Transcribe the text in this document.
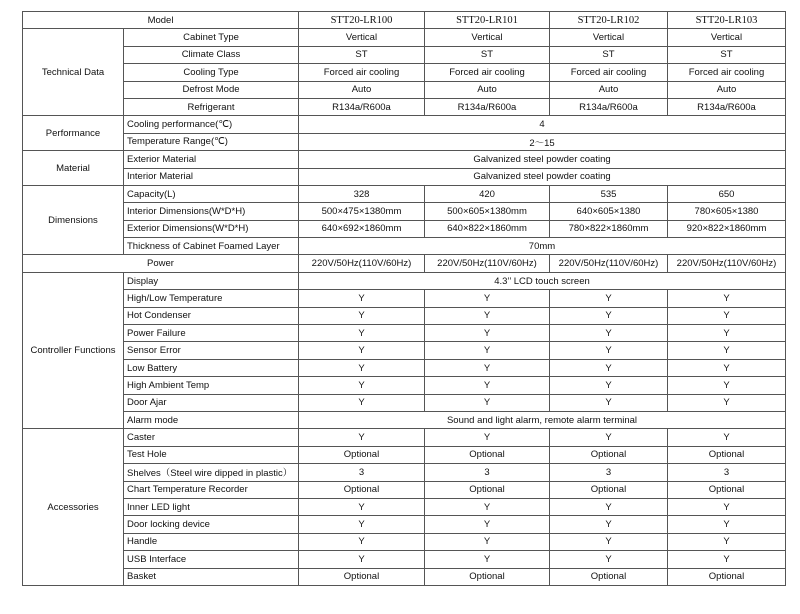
Model		STT20-LR100	STT20-LR101	STT20-LR102	STT20-LR103
Technical Data	Cabinet Type	Vertical	Vertical	Vertical	Vertical
	Climate Class	ST	ST	ST	ST
	Cooling Type	Forced air cooling	Forced air cooling	Forced air cooling	Forced air cooling
	Defrost Mode	Auto	Auto	Auto	Auto
	Refrigerant	R134a/R600a	R134a/R600a	R134a/R600a	R134a/R600a
Performance	Cooling performance(℃)	4			
	Temperature Range(℃)	2～15			
Material	Exterior Material	Galvanized steel powder coating			
	Interior Material	Galvanized steel powder coating			
Dimensions	Capacity(L)	328	420	535	650
	Interior Dimensions(W*D*H)	500×475×1380mm	500×605×1380mm	640×605×1380	780×605×1380
	Exterior Dimensions(W*D*H)	640×692×1860mm	640×822×1860mm	780×822×1860mm	920×822×1860mm
	Thickness of Cabinet Foamed Layer	70mm			
Power		220V/50Hz(110V/60Hz)	220V/50Hz(110V/60Hz)	220V/50Hz(110V/60Hz)	220V/50Hz(110V/60Hz)
Controller Functions	Display	4.3’’ LCD touch screen			
	High/Low Temperature	Y	Y	Y	Y
	Hot Condenser	Y	Y	Y	Y
	Power Failure	Y	Y	Y	Y
	Sensor Error	Y	Y	Y	Y
	Low Battery	Y	Y	Y	Y
	High Ambient Temp	Y	Y	Y	Y
	Door Ajar	Y	Y	Y	Y
	Alarm mode	Sound and light alarm, remote alarm terminal			
Accessories	Caster	Y	Y	Y	Y
	Test Hole	Optional	Optional	Optional	Optional
	Shelves（Steel wire dipped in plastic）	3	3	3	3
	Chart Temperature Recorder	Optional	Optional	Optional	Optional
	Inner LED light	Y	Y	Y	Y
	Door locking device	Y	Y	Y	Y
	Handle	Y	Y	Y	Y
	USB Interface	Y	Y	Y	Y
	Basket	Optional	Optional	Optional	Optional
